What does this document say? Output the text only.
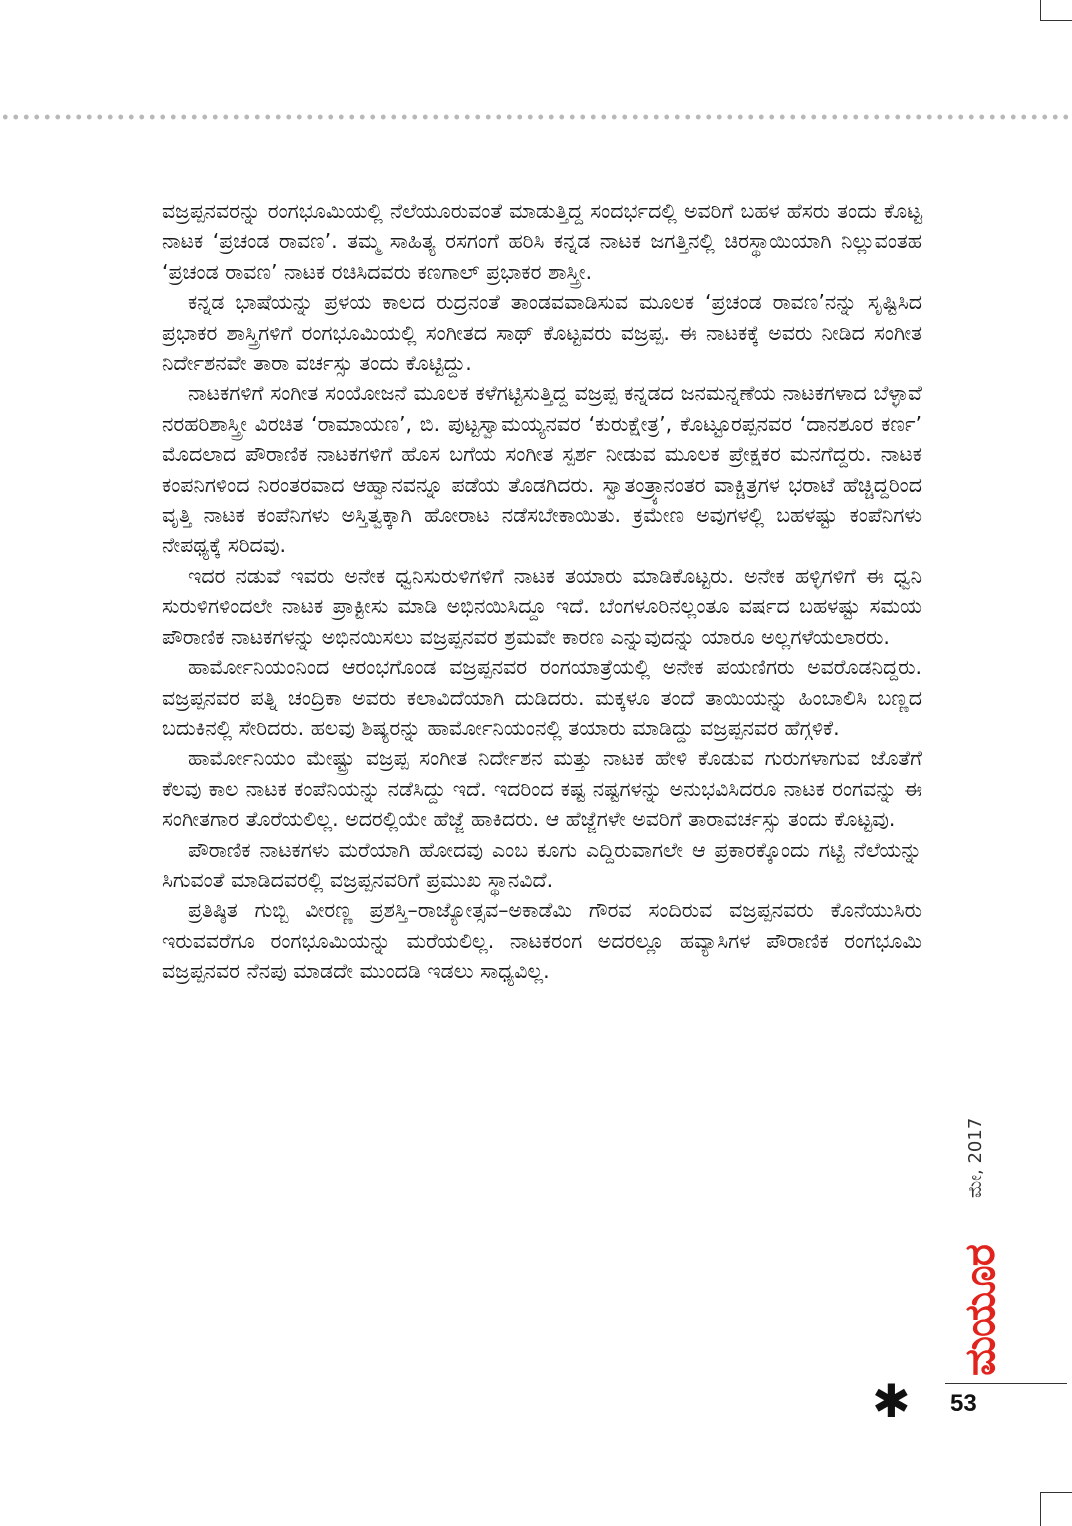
ವಜ್ರಪ್ಪನವರನ್ನು ರಂಗಭೂಮಿಯಲ್ಲಿ ನೆಲೆಯೂರುವಂತೆ ಮಾಡುತ್ತಿದ್ದ ಸಂದರ್ಭದಲ್ಲಿ ಅವರಿಗೆ ಬಹಳ ಹೆಸರು ತಂದು ಕೊಟ್ಟ ನಾಟಕ ‘ಪ್ರಚಂಡ ರಾವಣ’. ತಮ್ಮ ಸಾಹಿತ್ಯ ರಸಗಂಗೆ ಹರಿಸಿ ಕನ್ನಡ ನಾಟಕ ಜಗತ್ತಿನಲ್ಲಿ ಚಿರಸ್ಥಾಯಿಯಾಗಿ ನಿಲ್ಲುವಂತಹ ‘ಪ್ರಚಂಡ ರಾವಣ’ ನಾಟಕ ರಚಿಸಿದವರು ಕಣಗಾಲ್ ಪ್ರಭಾಕರ ಶಾಸ್ತ್ರೀ.

ಕನ್ನಡ ಭಾಷೆಯನ್ನು ಪ್ರಳಯ ಕಾಲದ ರುದ್ರನಂತೆ ತಾಂಡವವಾಡಿಸುವ ಮೂಲಕ ‘ಪ್ರಚಂಡ ರಾವಣ’ನನ್ನು ಸೃಷ್ಟಿಸಿದ ಪ್ರಭಾಕರ ಶಾಸ್ತ್ರಿಗಳಿಗೆ ರಂಗಭೂಮಿಯಲ್ಲಿ ಸಂಗೀತದ ಸಾಥ್ ಕೊಟ್ಟವರು ವಜ್ರಪ್ಪ. ಈ ನಾಟಕಕ್ಕೆ ಅವರು ನೀಡಿದ ಸಂಗೀತ ನಿರ್ದೇಶನವೇ ತಾರಾ ವರ್ಚಸ್ಸು ತಂದು ಕೊಟ್ಟಿದ್ದು.

ನಾಟಕಗಳಿಗೆ ಸಂಗೀತ ಸಂಯೋಜನೆ ಮೂಲಕ ಕಳೆಗಟ್ಟಿಸುತ್ತಿದ್ದ ವಜ್ರಪ್ಪ ಕನ್ನಡದ ಜನಮನ್ನಣೆಯ ನಾಟಕಗಳಾದ ಬೆಳ್ಳಾವೆ ನರಹರಿಶಾಸ್ತ್ರೀ ವಿರಚಿತ ‘ರಾಮಾಯಣ’, ಬಿ. ಪುಟ್ಟಸ್ವಾಮಯ್ಯನವರ ‘ಕುರುಕ್ಷೇತ್ರ’, ಕೊಟ್ಟೂರಪ್ಪನವರ ‘ದಾನಶೂರ ಕರ್ಣ’ ಮೊದಲಾದ ಪೌರಾಣಿಕ ನಾಟಕಗಳಿಗೆ ಹೊಸ ಬಗೆಯ ಸಂಗೀತ ಸ್ಪರ್ಶ ನೀಡುವ ಮೂಲಕ ಪ್ರೇಕ್ಷಕರ ಮನಗೆದ್ದರು. ನಾಟಕ ಕಂಪನಿಗಳಿಂದ ನಿರಂತರವಾದ ಆಹ್ವಾನವನ್ನೂ ಪಡೆಯ ತೊಡಗಿದರು. ಸ್ವಾತಂತ್ರ್ಯಾನಂತರ ವಾಕ್ಚಿತ್ರಗಳ ಭರಾಟೆ ಹೆಚ್ಚಿದ್ದರಿಂದ ವೃತ್ತಿ ನಾಟಕ ಕಂಪೆನಿಗಳು ಅಸ್ತಿತ್ವಕ್ಕಾಗಿ ಹೋರಾಟ ನಡೆಸಬೇಕಾಯಿತು. ಕ್ರಮೇಣ ಅವುಗಳಲ್ಲಿ ಬಹಳಷ್ಟು ಕಂಪೆನಿಗಳು ನೇಪಥ್ಯಕ್ಕೆ ಸರಿದವು.

ಇದರ ನಡುವೆ ಇವರು ಅನೇಕ ಧ್ವನಿಸುರುಳಿಗಳಿಗೆ ನಾಟಕ ತಯಾರು ಮಾಡಿಕೊಟ್ಟರು. ಅನೇಕ ಹಳ್ಳಿಗಳಿಗೆ ಈ ಧ್ವನಿ ಸುರುಳಿಗಳಿಂದಲೇ ನಾಟಕ ಪ್ರಾಕ್ಟೀಸು ಮಾಡಿ ಅಭಿನಯಿಸಿದ್ದೂ ಇದೆ. ಬೆಂಗಳೂರಿನಲ್ಲಂತೂ ವರ್ಷದ ಬಹಳಷ್ಟು ಸಮಯ ಪೌರಾಣಿಕ ನಾಟಕಗಳನ್ನು ಅಭಿನಯಿಸಲು ವಜ್ರಪ್ಪನವರ ಶ್ರಮವೇ ಕಾರಣ ಎನ್ನುವುದನ್ನು ಯಾರೂ ಅಲ್ಲಗಳೆಯಲಾರರು.

ಹಾರ್ಮೋನಿಯಂನಿಂದ ಆರಂಭಗೊಂಡ ವಜ್ರಪ್ಪನವರ ರಂಗಯಾತ್ರೆಯಲ್ಲಿ ಅನೇಕ ಪಯಣಿಗರು ಅವರೊಡನಿದ್ದರು. ವಜ್ರಪ್ಪನವರ ಪತ್ನಿ ಚಂದ್ರಿಕಾ ಅವರು ಕಲಾವಿದೆಯಾಗಿ ದುಡಿದರು. ಮಕ್ಕಳೂ ತಂದೆ ತಾಯಿಯನ್ನು ಹಿಂಬಾಲಿಸಿ ಬಣ್ಣದ ಬದುಕಿನಲ್ಲಿ ಸೇರಿದರು. ಹಲವು ಶಿಷ್ಯರನ್ನು ಹಾರ್ಮೋನಿಯಂನಲ್ಲಿ ತಯಾರು ಮಾಡಿದ್ದು ವಜ್ರಪ್ಪನವರ ಹೆಗ್ಗಳಿಕೆ.

ಹಾರ್ಮೋನಿಯಂ ಮೇಷ್ಟ್ರು ವಜ್ರಪ್ಪ ಸಂಗೀತ ನಿರ್ದೇಶನ ಮತ್ತು ನಾಟಕ ಹೇಳಿ ಕೊಡುವ ಗುರುಗಳಾಗುವ ಜೊತೆಗೆ ಕೆಲವು ಕಾಲ ನಾಟಕ ಕಂಪೆನಿಯನ್ನು ನಡೆಸಿದ್ದು ಇದೆ. ಇದರಿಂದ ಕಷ್ಟ ನಷ್ಟಗಳನ್ನು ಅನುಭವಿಸಿದರೂ ನಾಟಕ ರಂಗವನ್ನು ಈ ಸಂಗೀತಗಾರ ತೊರೆಯಲಿಲ್ಲ. ಅದರಲ್ಲಿಯೇ ಹೆಜ್ಜೆ ಹಾಕಿದರು. ಆ ಹೆಜ್ಜೆಗಳೇ ಅವರಿಗೆ ತಾರಾವರ್ಚಸ್ಸು ತಂದು ಕೊಟ್ಟವು.

ಪೌರಾಣಿಕ ನಾಟಕಗಳು ಮರೆಯಾಗಿ ಹೋದವು ಎಂಬ ಕೂಗು ಎದ್ದಿರುವಾಗಲೇ ಆ ಪ್ರಕಾರಕ್ಕೊಂದು ಗಟ್ಟಿ ನೆಲೆಯನ್ನು ಸಿಗುವಂತೆ ಮಾಡಿದವರಲ್ಲಿ ವಜ್ರಪ್ಪನವರಿಗೆ ಪ್ರಮುಖ ಸ್ಥಾನವಿದೆ.

ಪ್ರತಿಷ್ಠಿತ ಗುಬ್ಬಿ ವೀರಣ್ಣ ಪ್ರಶಸ್ತಿ–ರಾಜ್ಯೋತ್ಸವ–ಅಕಾಡೆಮಿ ಗೌರವ ಸಂದಿರುವ ವಜ್ರಪ್ಪನವರು ಕೊನೆಯುಸಿರು ಇರುವವರೆಗೂ ರಂಗಭೂಮಿಯನ್ನು ಮರೆಯಲಿಲ್ಲ. ನಾಟಕರಂಗ ಅದರಲ್ಲೂ ಹವ್ಯಾಸಿಗಳ ಪೌರಾಣಿಕ ರಂಗಭೂಮಿ ವಜ್ರಪ್ಪನವರ ನೆನಪು ಮಾಡದೇ ಮುಂದಡಿ ಇಡಲು ಸಾಧ್ಯವಿಲ್ಲ.

ಮಯೂರ
ಮೇ, 2017
✱ 53
